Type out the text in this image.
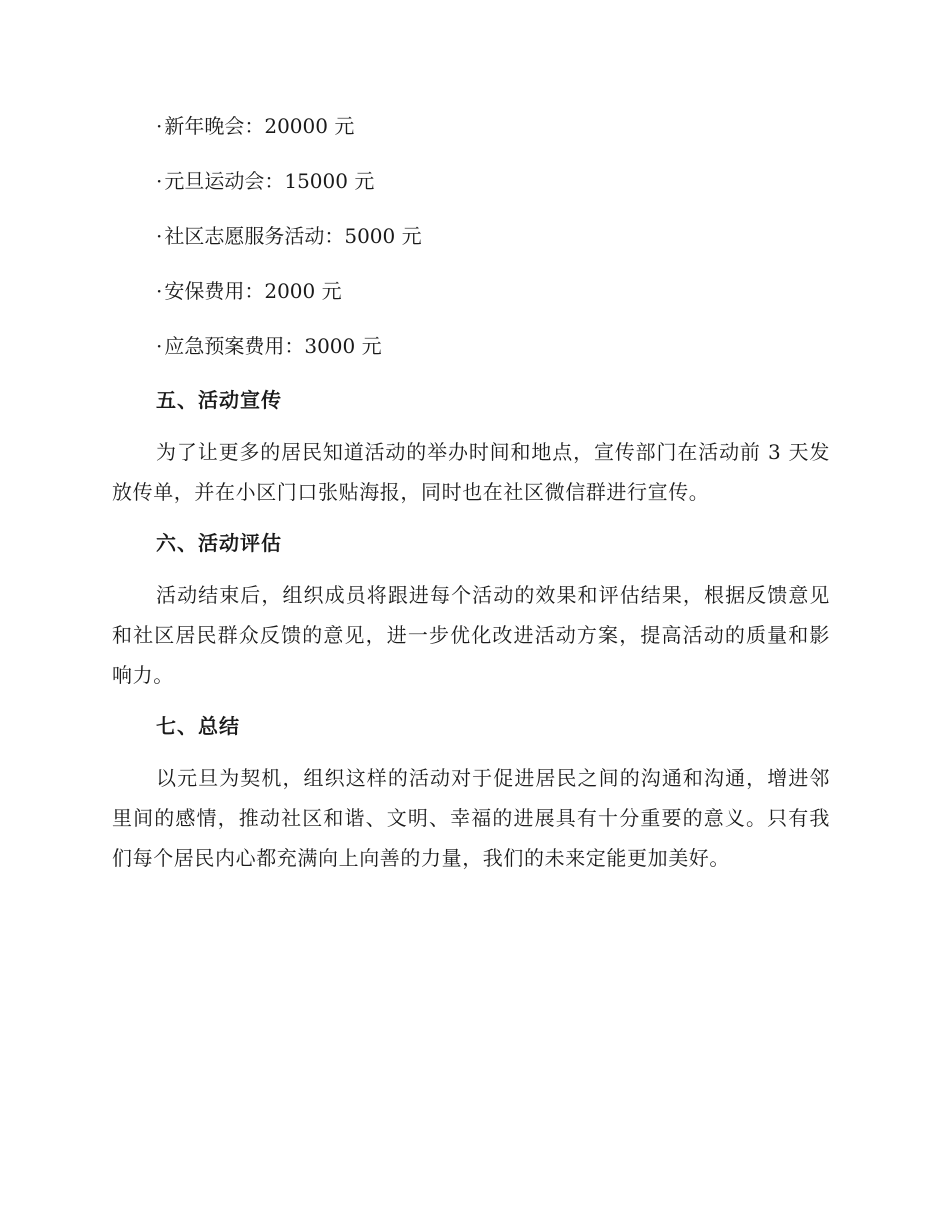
· 新年晚会：20000 元
· 元旦运动会：15000 元
· 社区志愿服务活动：5000 元
· 安保费用：2000 元
· 应急预案费用：3000 元
五、活动宣传

为了让更多的居民知道活动的举办时间和地点，宣传部门在活动前 3 天发放传单，并在小区门口张贴海报，同时也在社区微信群进行宣传。

六、活动评估

活动结束后，组织成员将跟进每个活动的效果和评估结果，根据反馈意见和社区居民群众反馈的意见，进一步优化改进活动方案，提高活动的质量和影响力。

七、总结

以元旦为契机，组织这样的活动对于促进居民之间的沟通和沟通，增进邻里间的感情，推动社区和谐、文明、幸福的进展具有十分重要的意义。只有我们每个居民内心都充满向上向善的力量，我们的未来定能更加美好。
